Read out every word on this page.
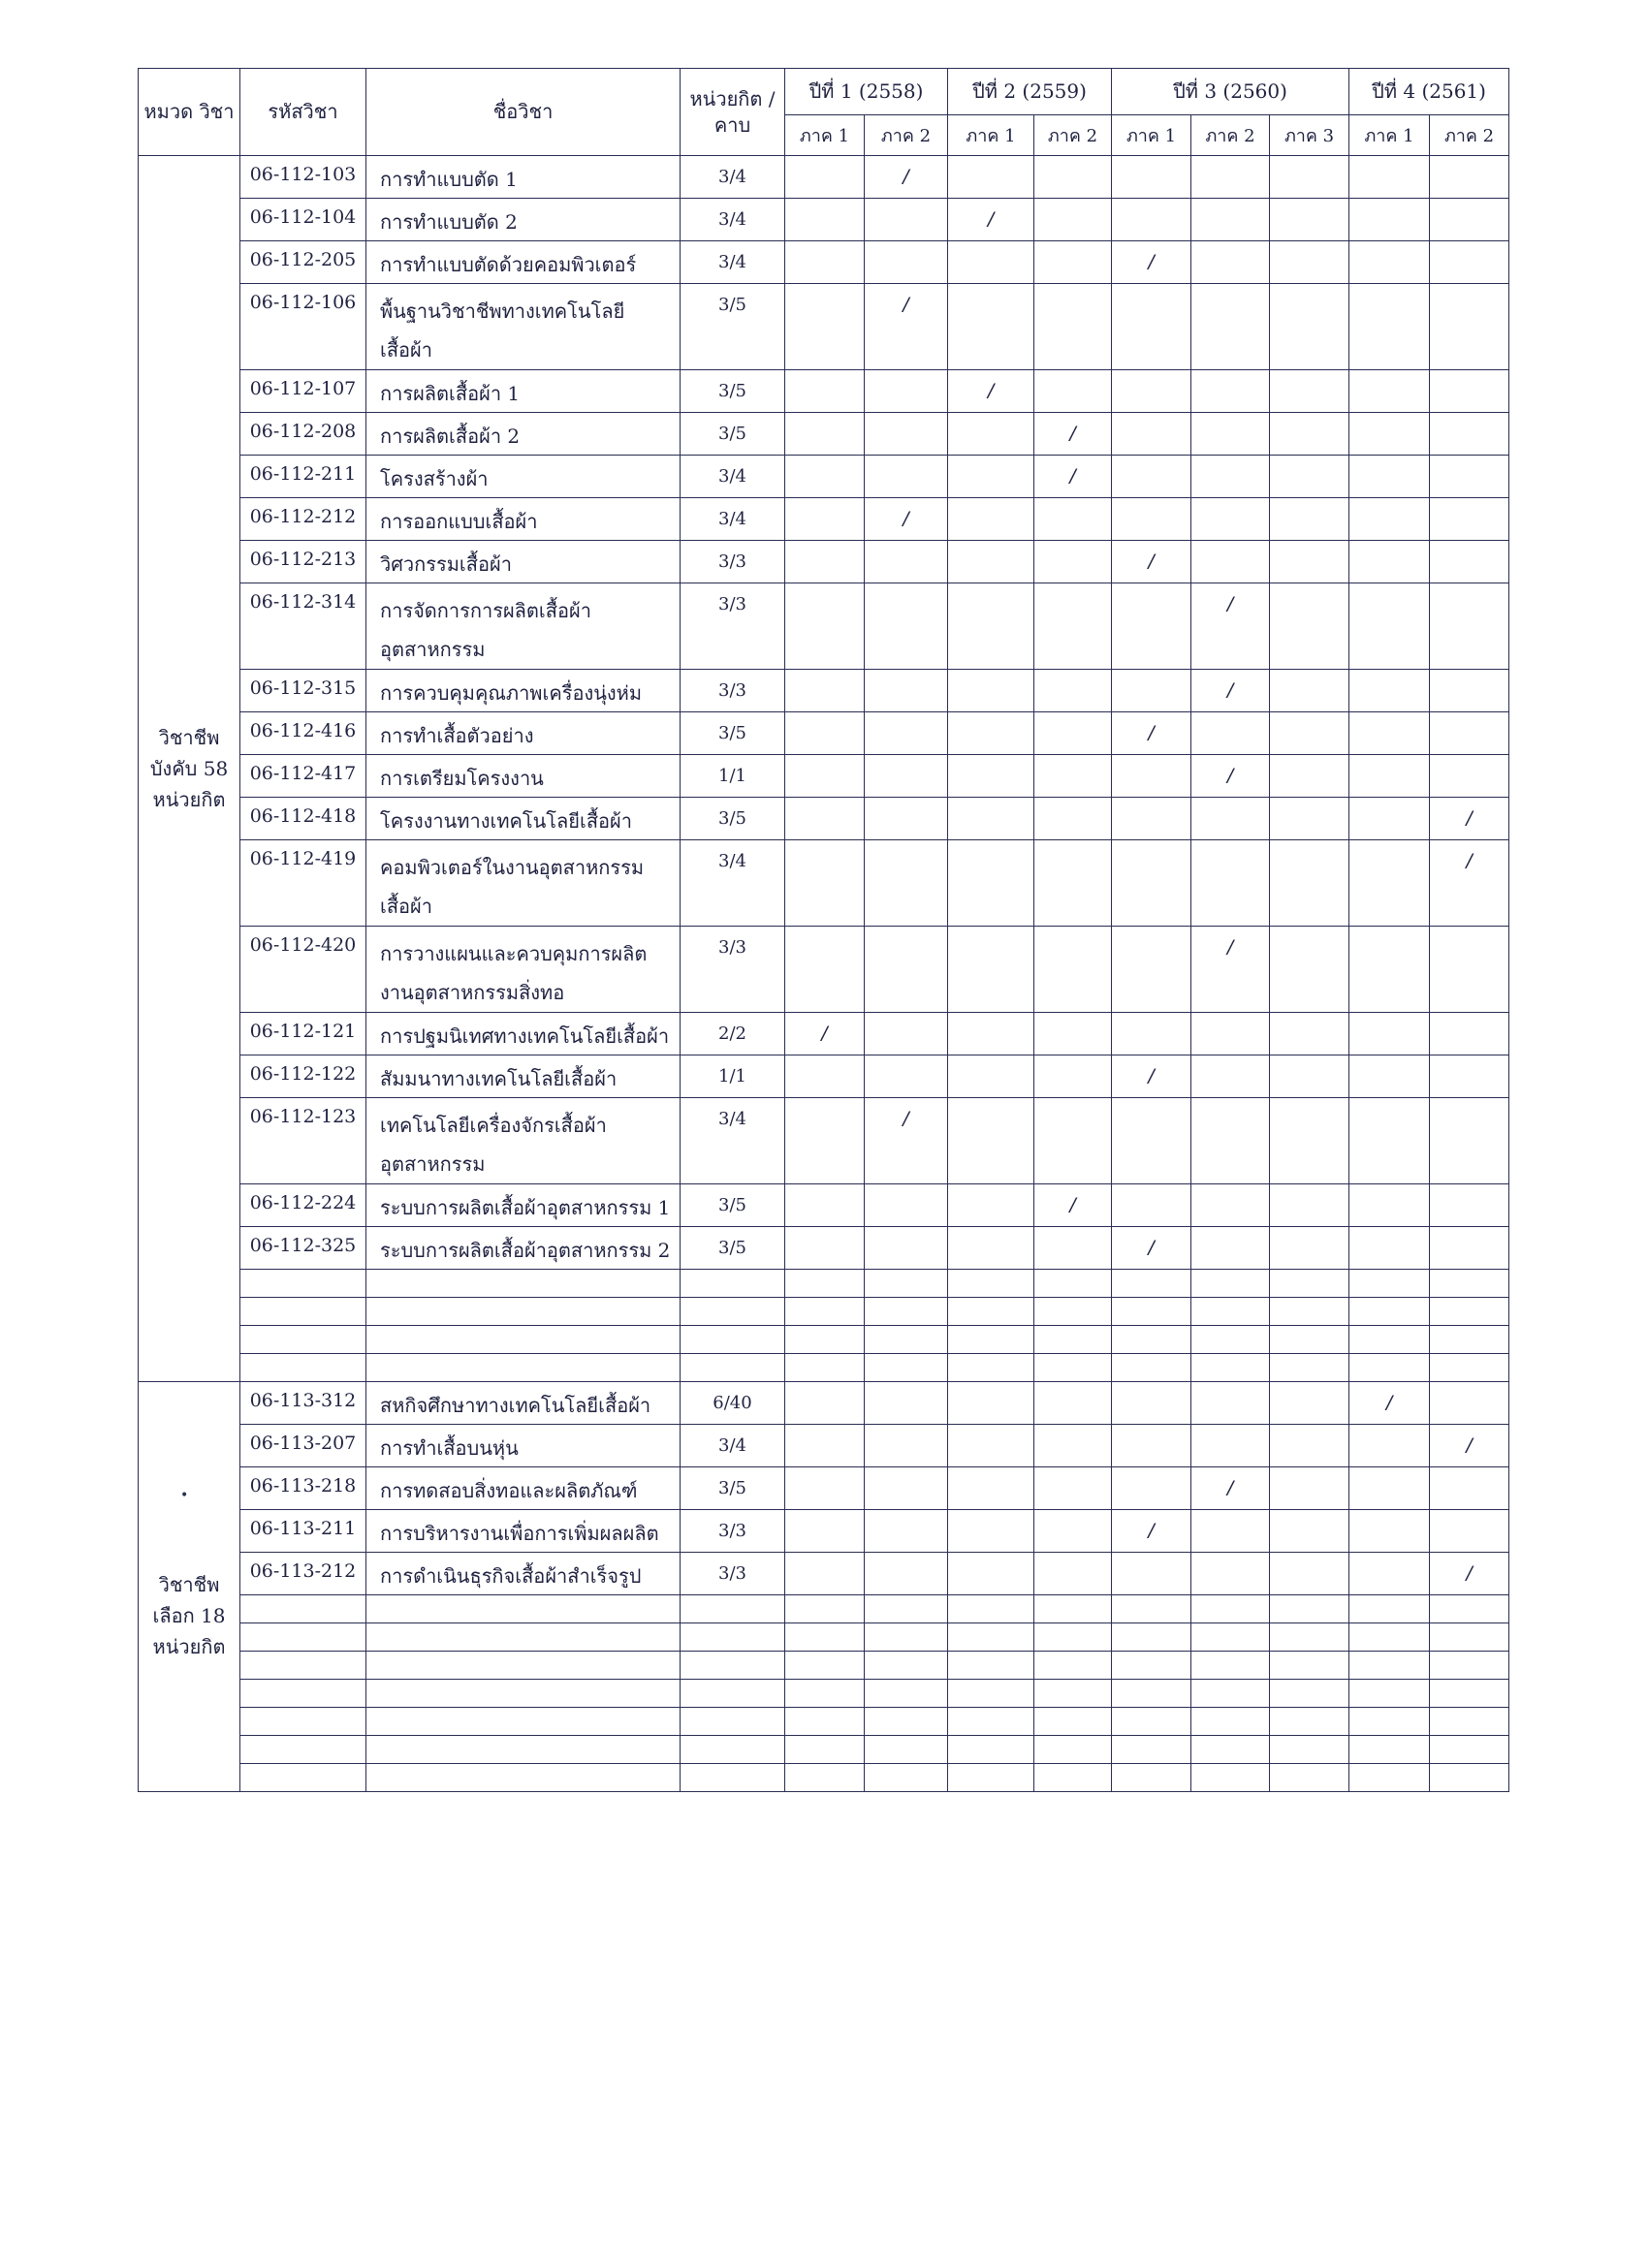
หมวด วิชา	รหัสวิชา	ชื่อวิชา	หน่วยกิต /คาบ	ปีที่ 1 (2558)		ปีที่ 2 (2559)		ปีที่ 3 (2560)			ปีที่ 4 (2561)	
				ภาค 1	ภาค 2	ภาค 1	ภาค 2	ภาค 1	ภาค 2	ภาค 3	ภาค 1	ภาค 2
วิชาชีพ บังคับ 58 หน่วยกิต	06-112-103	การทำแบบตัด 1	3/4		/							
	06-112-104	การทำแบบตัด 2	3/4			/						
	06-112-205	การทำแบบตัดด้วยคอมพิวเตอร์	3/4					/				
	06-112-106	พื้นฐานวิชาชีพทางเทคโนโลยีเสื้อผ้า	3/5		/							
	06-112-107	การผลิตเสื้อผ้า 1	3/5			/						
	06-112-208	การผลิตเสื้อผ้า 2	3/5				/					
	06-112-211	โครงสร้างผ้า	3/4				/					
	06-112-212	การออกแบบเสื้อผ้า	3/4		/							
	06-112-213	วิศวกรรมเสื้อผ้า	3/3					/				
	06-112-314	การจัดการการผลิตเสื้อผ้าอุตสาหกรรม	3/3						/			
	06-112-315	การควบคุมคุณภาพเครื่องนุ่งห่ม	3/3						/			
	06-112-416	การทำเสื้อตัวอย่าง	3/5					/				
	06-112-417	การเตรียมโครงงาน	1/1						/			
	06-112-418	โครงงานทางเทคโนโลยีเสื้อผ้า	3/5									/
	06-112-419	คอมพิวเตอร์ในงานอุตสาหกรรมเสื้อผ้า	3/4									/
	06-112-420	การวางแผนและควบคุมการผลิตงานอุตสาหกรรมสิ่งทอ	3/3						/			
	06-112-121	การปฐมนิเทศทางเทคโนโลยีเสื้อผ้า	2/2	/								
	06-112-122	สัมมนาทางเทคโนโลยีเสื้อผ้า	1/1					/				
	06-112-123	เทคโนโลยีเครื่องจักรเสื้อผ้าอุตสาหกรรม	3/4		/							
	06-112-224	ระบบการผลิตเสื้อผ้าอุตสาหกรรม 1	3/5				/					
	06-112-325	ระบบการผลิตเสื้อผ้าอุตสาหกรรม 2	3/5					/				

วิชาชีพ เลือก 18 หน่วยกิต	06-113-312	สหกิจศึกษาทางเทคโนโลยีเสื้อผ้า	6/40								/	
	06-113-207	การทำเสื้อบนหุ่น	3/4									/
	06-113-218	การทดสอบสิ่งทอและผลิตภัณฑ์	3/5						/			
	06-113-211	การบริหารงานเพื่อการเพิ่มผลผลิต	3/3					/				
	06-113-212	การดำเนินธุรกิจเสื้อผ้าสำเร็จรูป	3/3									/

•
